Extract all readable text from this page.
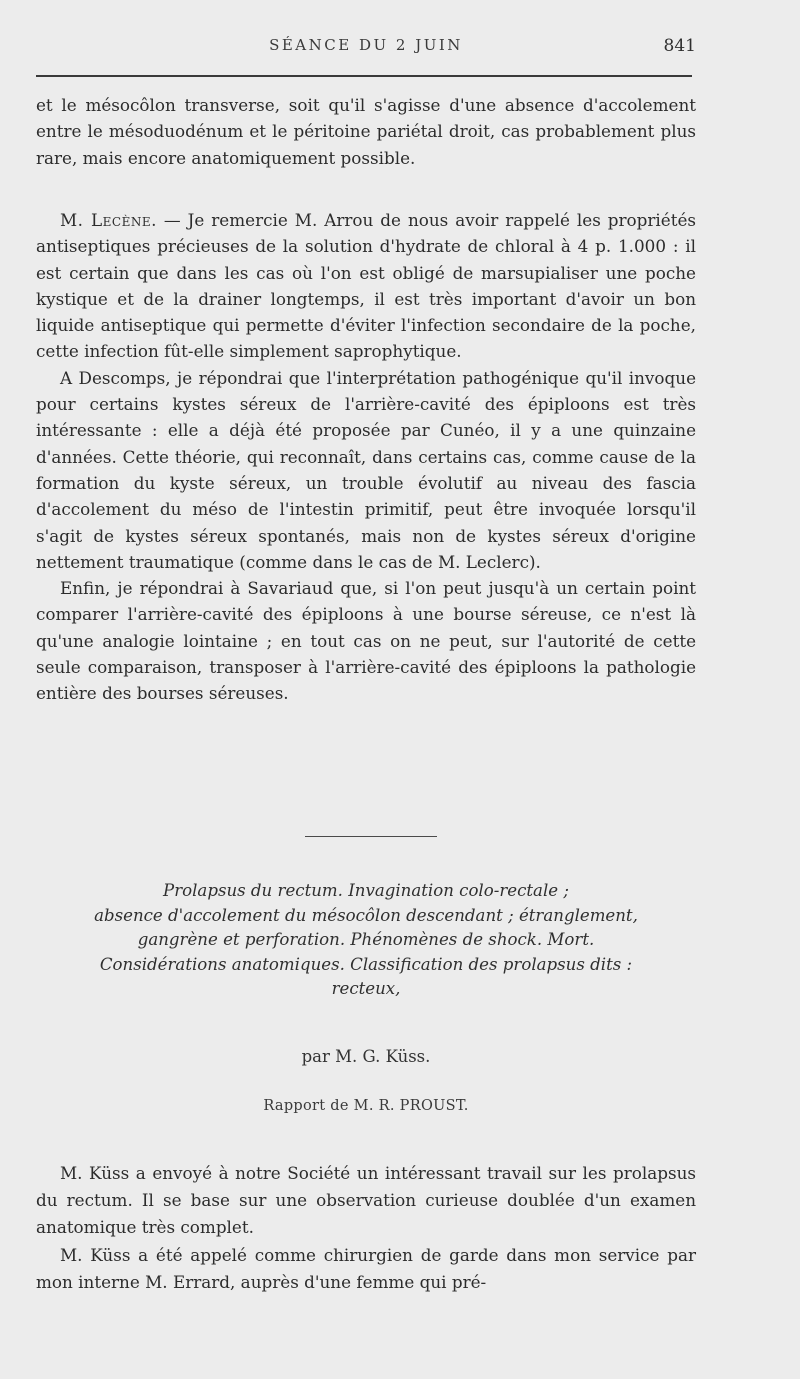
SÉANCE DU 2 JUIN	841

et le mésocôlon transverse, soit qu'il s'agisse d'une absence d'accolement entre le mésoduodénum et le péritoine pariétal droit, cas probablement plus rare, mais encore anatomiquement possible.

M. Lecène. — Je remercie M. Arrou de nous avoir rappelé les propriétés antiseptiques précieuses de la solution d'hydrate de chloral à 4 p. 1.000 : il est certain que dans les cas où l'on est obligé de marsupialiser une poche kystique et de la drainer longtemps, il est très important d'avoir un bon liquide antiseptique qui permette d'éviter l'infection secondaire de la poche, cette infection fût-elle simplement saprophytique.

A Descomps, je répondrai que l'interprétation pathogénique qu'il invoque pour certains kystes séreux de l'arrière-cavité des épiploons est très intéressante : elle a déjà été proposée par Cunéo, il y a une quinzaine d'années. Cette théorie, qui reconnaît, dans certains cas, comme cause de la formation du kyste séreux, un trouble évolutif au niveau des fascia d'accolement du méso de l'intestin primitif, peut être invoquée lorsqu'il s'agit de kystes séreux spontanés, mais non de kystes séreux d'origine nettement traumatique (comme dans le cas de M. Leclerc).

Enfin, je répondrai à Savariaud que, si l'on peut jusqu'à un certain point comparer l'arrière-cavité des épiploons à une bourse séreuse, ce n'est là qu'une analogie lointaine ; en tout cas on ne peut, sur l'autorité de cette seule comparaison, transposer à l'arrière-cavité des épiploons la pathologie entière des bourses séreuses.

Prolapsus du rectum. Invagination colo-rectale ;

absence d'accolement du mésocôlon descendant ; étranglement,

gangrène et perforation. Phénomènes de shock. Mort.

Considérations anatomiques. Classification des prolapsus dits :

recteux,

par M. G. Küss.
Rapport de M. R. PROUST.

M. Küss a envoyé à notre Société un intéressant travail sur les prolapsus du rectum. Il se base sur une observation curieuse doublée d'un examen anatomique très complet.

M. Küss a été appelé comme chirurgien de garde dans mon service par mon interne M. Errard, auprès d'une femme qui pré-
